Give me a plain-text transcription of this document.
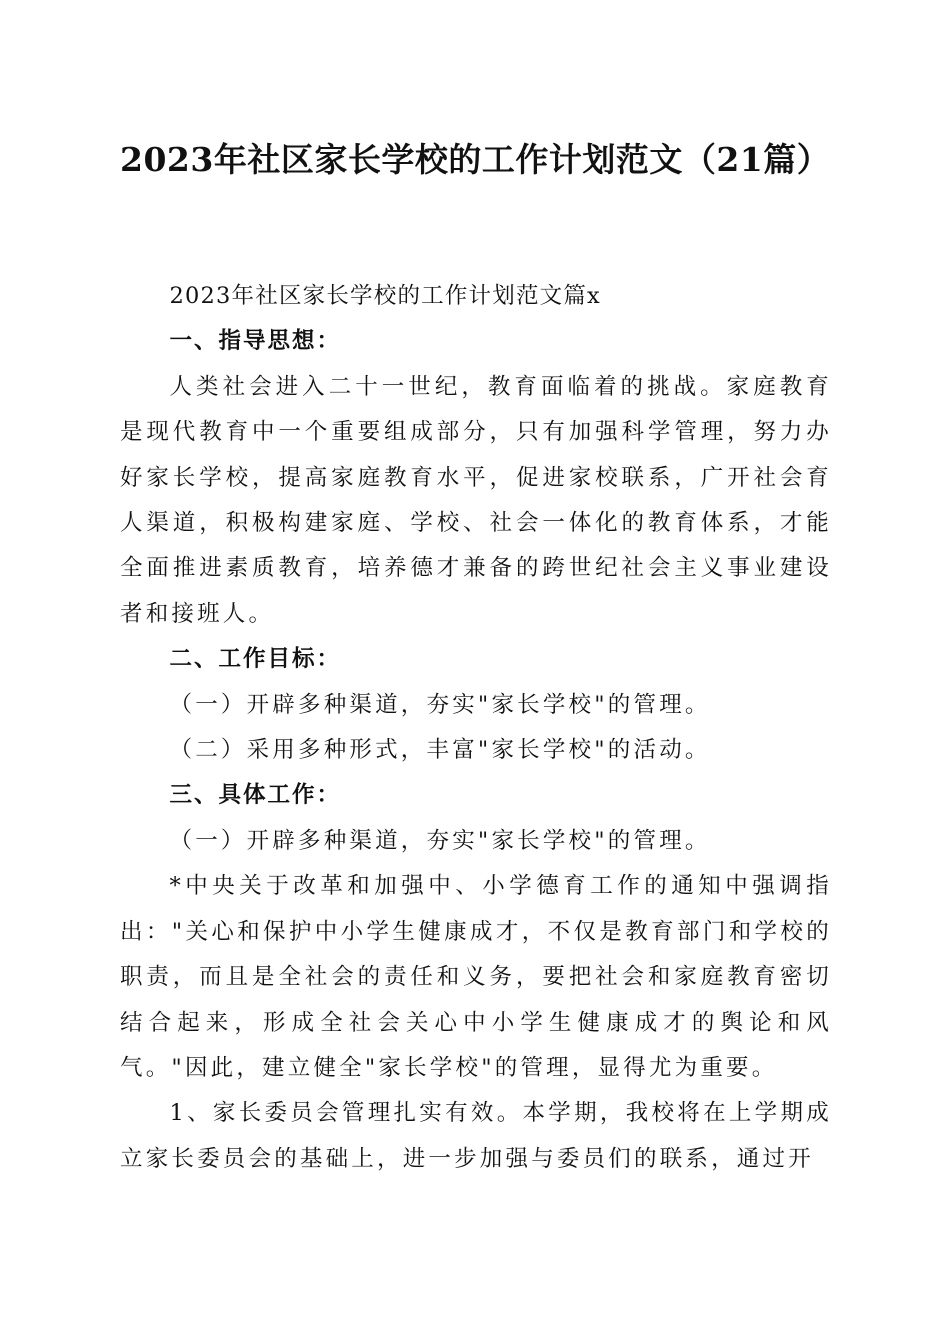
2023年社区家长学校的工作计划范文（21篇）

2023年社区家长学校的工作计划范文篇x

一、指导思想：

人类社会进入二十一世纪，教育面临着的挑战。家庭教育是现代教育中一个重要组成部分，只有加强科学管理，努力办好家长学校，提高家庭教育水平，促进家校联系，广开社会育人渠道，积极构建家庭、学校、社会一体化的教育体系，才能全面推进素质教育，培养德才兼备的跨世纪社会主义事业建设者和接班人。

二、工作目标：

（一）开辟多种渠道，夯实"家长学校"的管理。

（二）采用多种形式，丰富"家长学校"的活动。

三、具体工作：

（一）开辟多种渠道，夯实"家长学校"的管理。

*中央关于改革和加强中、小学德育工作的通知中强调指出："关心和保护中小学生健康成才，不仅是教育部门和学校的职责，而且是全社会的责任和义务，要把社会和家庭教育密切结合起来，形成全社会关心中小学生健康成才的舆论和风气。"因此，建立健全"家长学校"的管理，显得尤为重要。

1、家长委员会管理扎实有效。本学期，我校将在上学期成立家长委员会的基础上，进一步加强与委员们的联系，通过开
